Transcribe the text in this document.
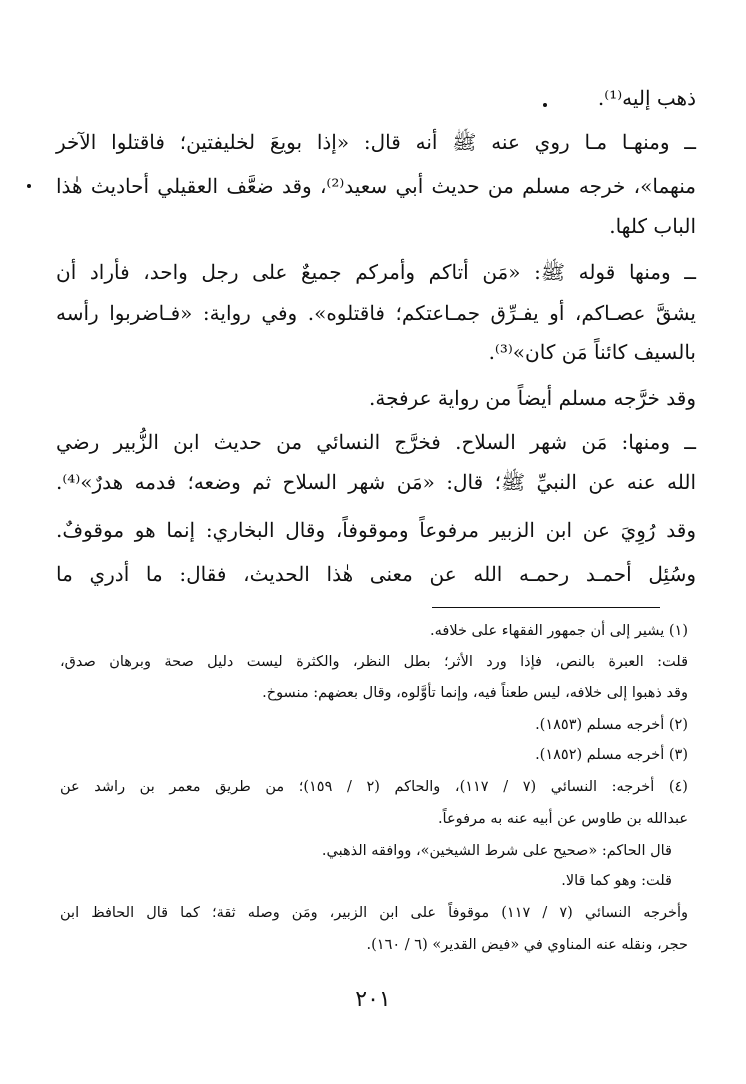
ذهب إليه⁽¹⁾.
ــ ومنهـا مـا روي عنه ﷺ أنه قال: «إذا بويعَ لخليفتين؛ فاقتلوا الآخر
منهما»، خرجه مسلم من حديث أبي سعيد⁽²⁾، وقد ضعَّف العقيلي أحاديث هٰذا
الباب كلها.
ــ ومنها قوله ﷺ: «مَن أتاكم وأمركم جميعٌ على رجل واحد، فأراد أن
يشقَّ عصـاكم، أو يفـرِّق جمـاعتكم؛ فاقتلوه». وفي رواية: «فـاضربوا رأسه
بالسيف كائناً مَن كان»⁽³⁾.
وقد خرَّجه مسلم أيضاً من رواية عرفجة.
ــ ومنها: مَن شهر السلاح. فخرَّج النسائي من حديث ابن الزُّبير رضي
الله عنه عن النبيِّ ﷺ؛ قال: «مَن شهر السلاح ثم وضعه؛ فدمه هدرٌ»⁽⁴⁾.
وقد رُوِيَ عن ابن الزبير مرفوعاً وموقوفاً، وقال البخاري: إنما هو موقوفٌ.
وسُئِل أحمـد رحمـه الله عن معنى هٰذا الحديث، فقال: ما أدري ما
(١) يشير إلى أن جمهور الفقهاء على خلافه.
قلت: العبرة بالنص، فإذا ورد الأثر؛ بطل النظر، والكثرة ليست دليل صحة وبرهان صدق،
وقد ذهبوا إلى خلافه، ليس طعناً فيه، وإنما تأوَّلوه، وقال بعضهم: منسوخ.
(٢) أخرجه مسلم (١٨٥٣).
(٣) أخرجه مسلم (١٨٥٢).
(٤) أخرجه: النسائي (٧ / ١١٧)، والحاكم (٢ / ١٥٩)؛ من طريق معمر بن راشد عن
عبدالله بن طاوس عن أبيه عنه به مرفوعاً.
قال الحاكم: «صحيح على شرط الشيخين»، ووافقه الذهبي.
قلت: وهو كما قالا.
وأخرجه النسائي (٧ / ١١٧) موقوفاً على ابن الزبير، ومَن وصله ثقة؛ كما قال الحافظ ابن
حجر، ونقله عنه المناوي في «فيض القدير» (٦ / ١٦٠).
٢٠١
